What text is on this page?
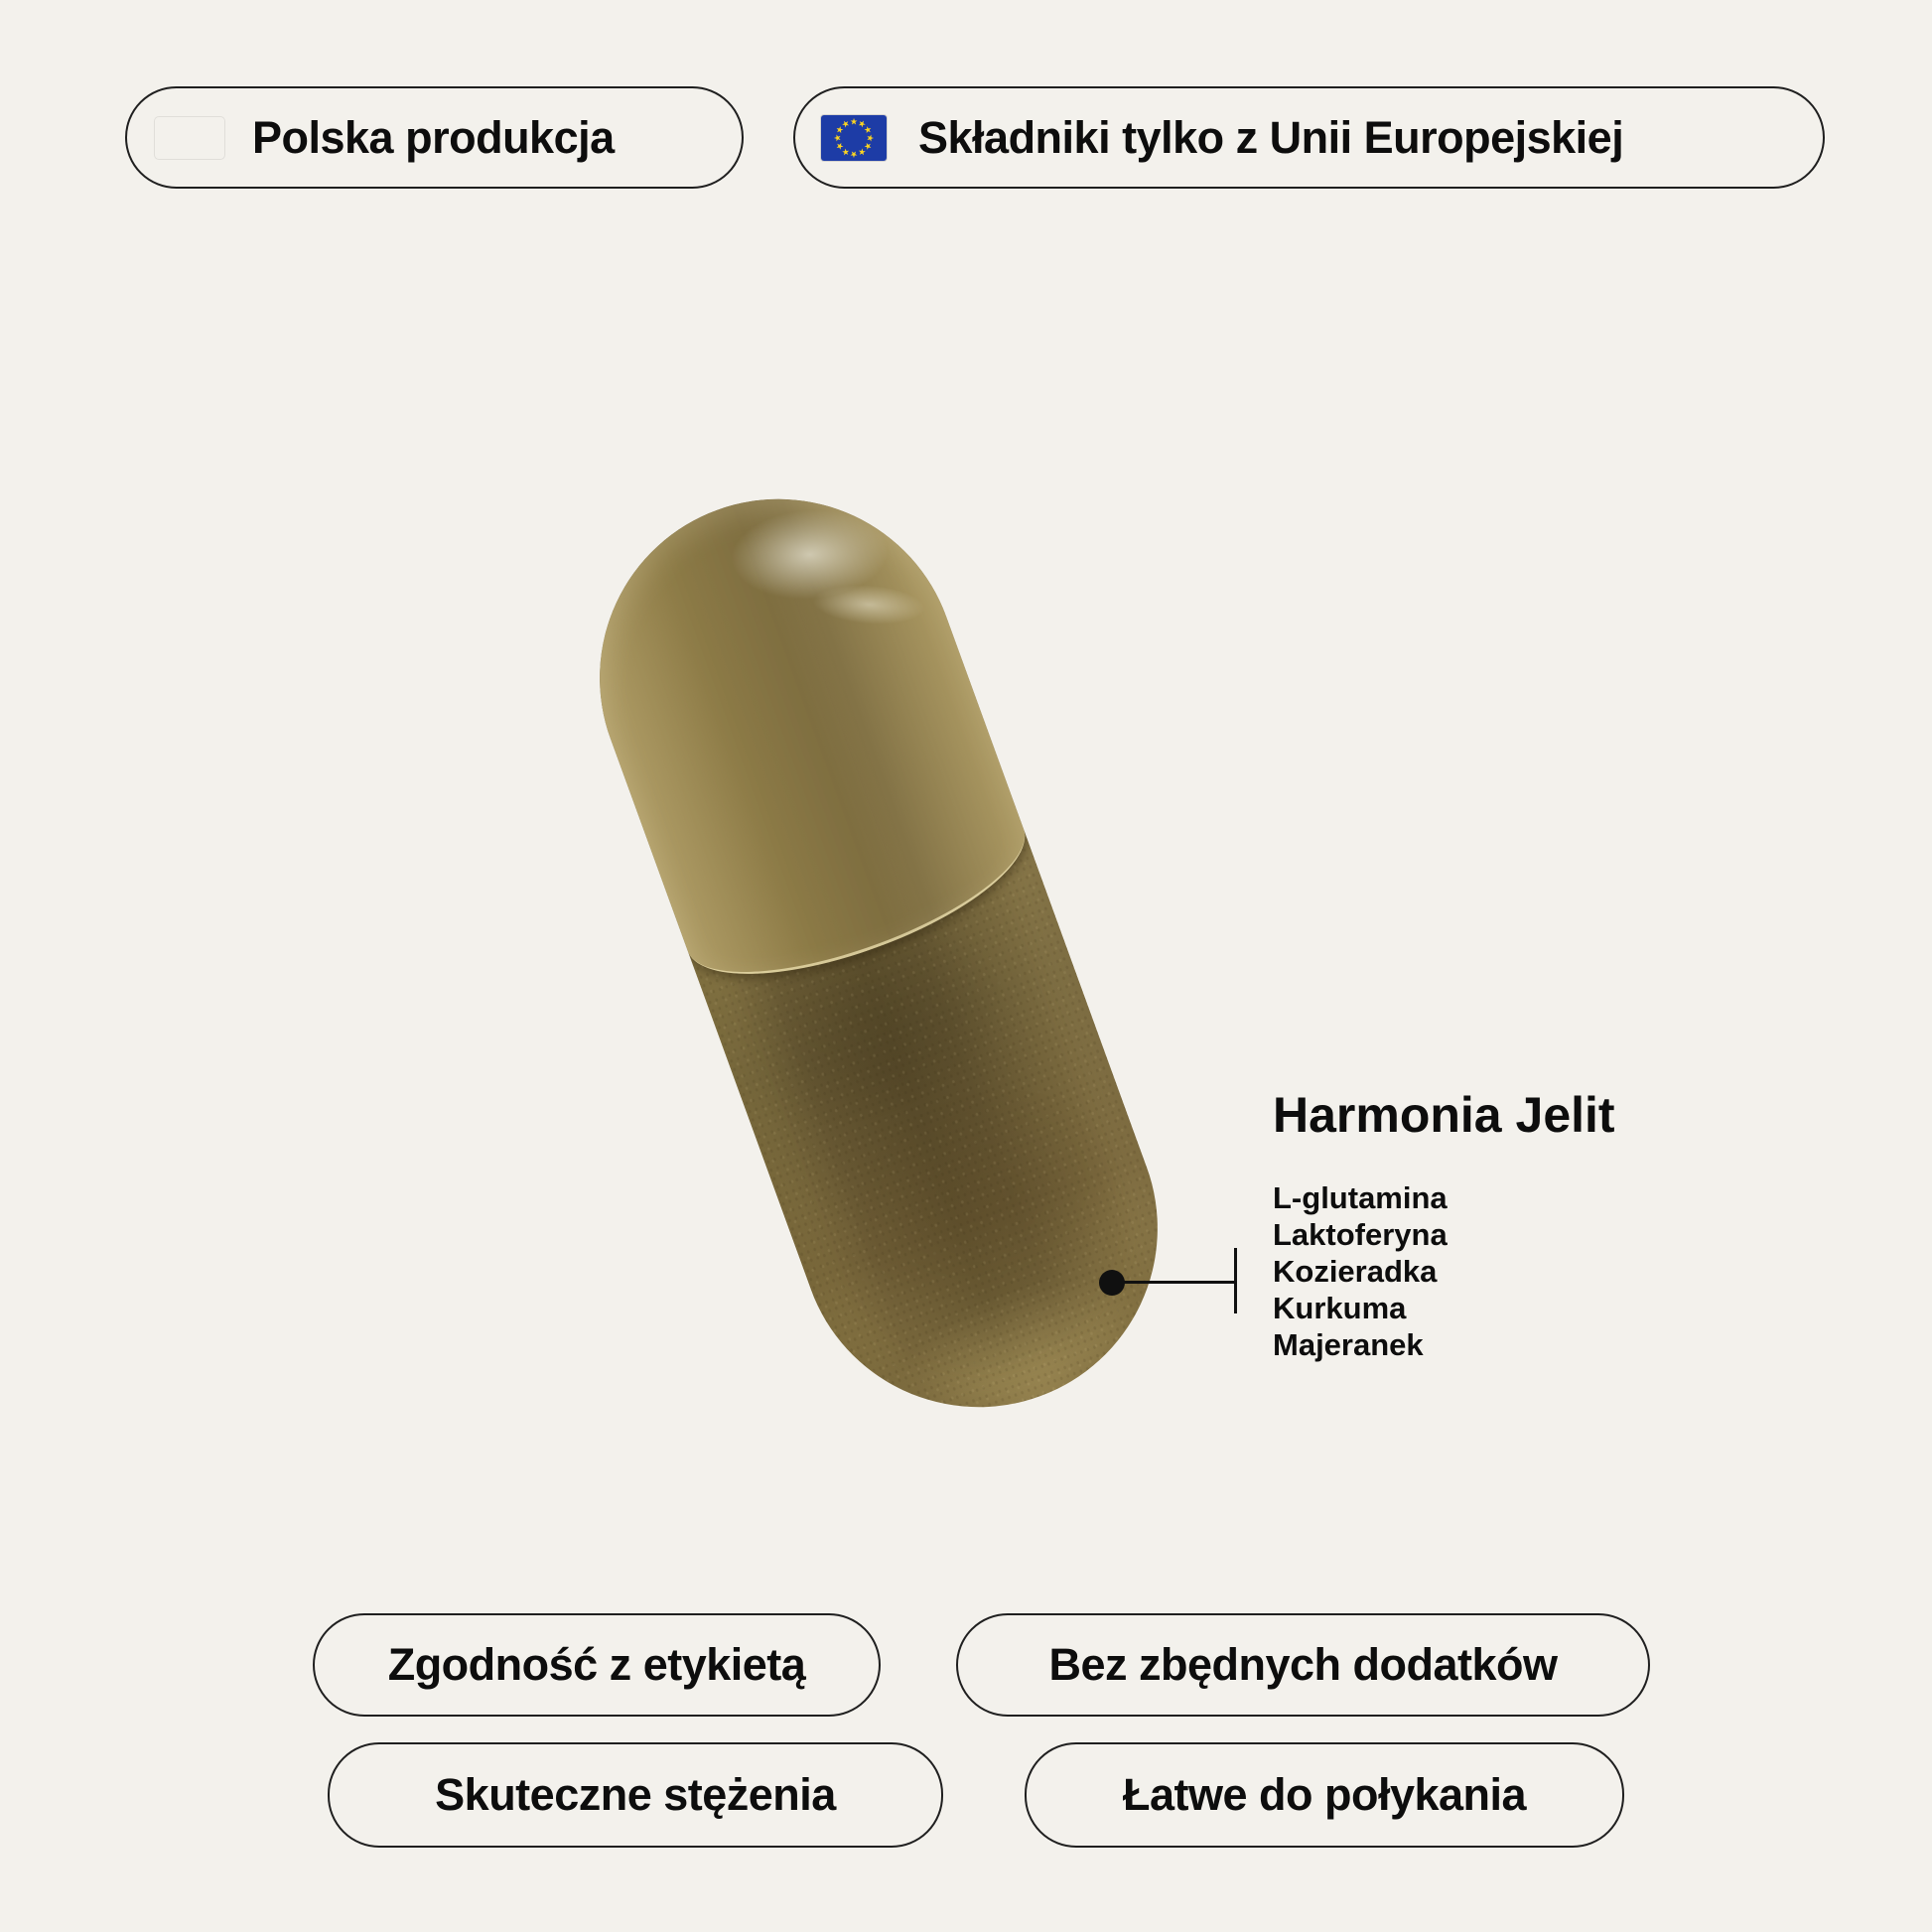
Polska produkcja	★
★
★
★
★
★
★
★
★
★
★
★ Składniki tylko z Unii Europejskiej
Harmonia Jelit
L-glutamina
Laktoferyna
Kozieradka
Kurkuma
Majeranek
Zgodność z etykietą	Bez zbędnych dodatków
Skuteczne stężenia	Łatwe do połykania
